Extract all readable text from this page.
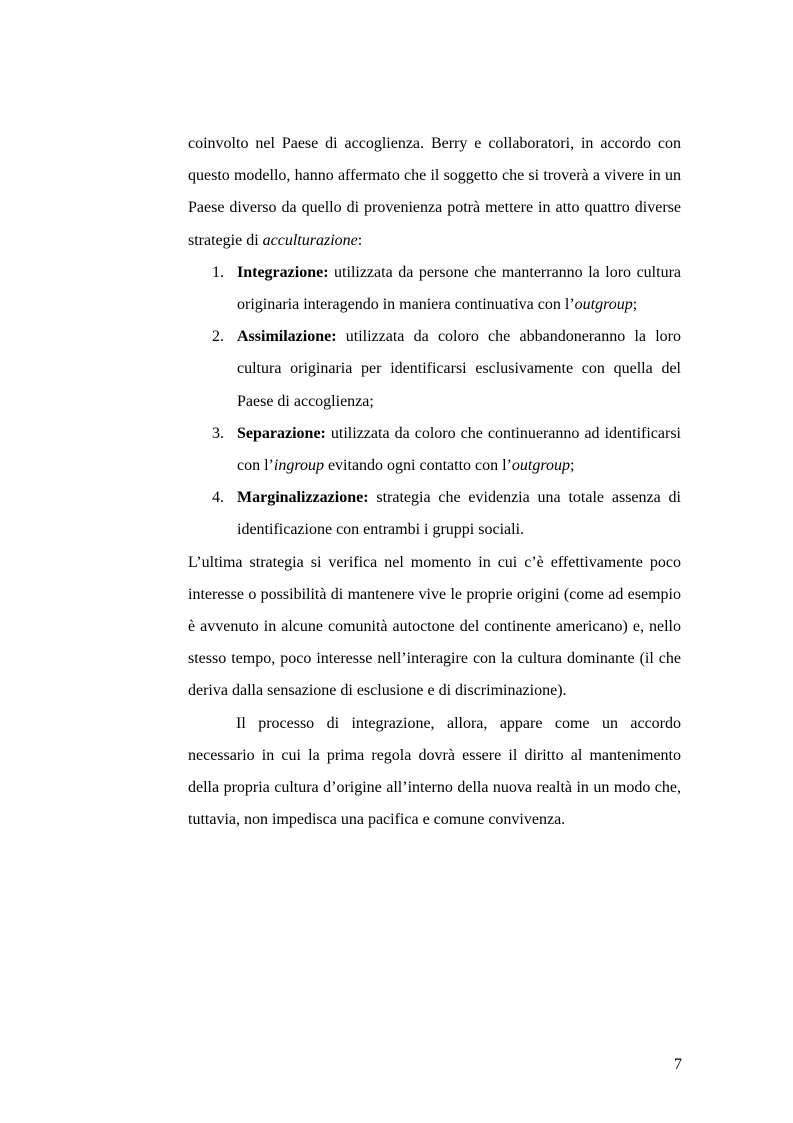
coinvolto nel Paese di accoglienza. Berry e collaboratori, in accordo con questo modello, hanno affermato che il soggetto che si troverà a vivere in un Paese diverso da quello di provenienza potrà mettere in atto quattro diverse strategie di acculturazione:

1. Integrazione: utilizzata da persone che manterranno la loro cultura originaria interagendo in maniera continuativa con l’outgroup;
2. Assimilazione: utilizzata da coloro che abbandoneranno la loro cultura originaria per identificarsi esclusivamente con quella del Paese di accoglienza;
3. Separazione: utilizzata da coloro che continueranno ad identificarsi con l’ingroup evitando ogni contatto con l’outgroup;
4. Marginalizzazione: strategia che evidenzia una totale assenza di identificazione con entrambi i gruppi sociali.

L’ultima strategia si verifica nel momento in cui c’è effettivamente poco interesse o possibilità di mantenere vive le proprie origini (come ad esempio è avvenuto in alcune comunità autoctone del continente americano) e, nello stesso tempo, poco interesse nell’interagire con la cultura dominante (il che deriva dalla sensazione di esclusione e di discriminazione).

Il processo di integrazione, allora, appare come un accordo necessario in cui la prima regola dovrà essere il diritto al mantenimento della propria cultura d’origine all’interno della nuova realtà in un modo che, tuttavia, non impedisca una pacifica e comune convivenza.

7
